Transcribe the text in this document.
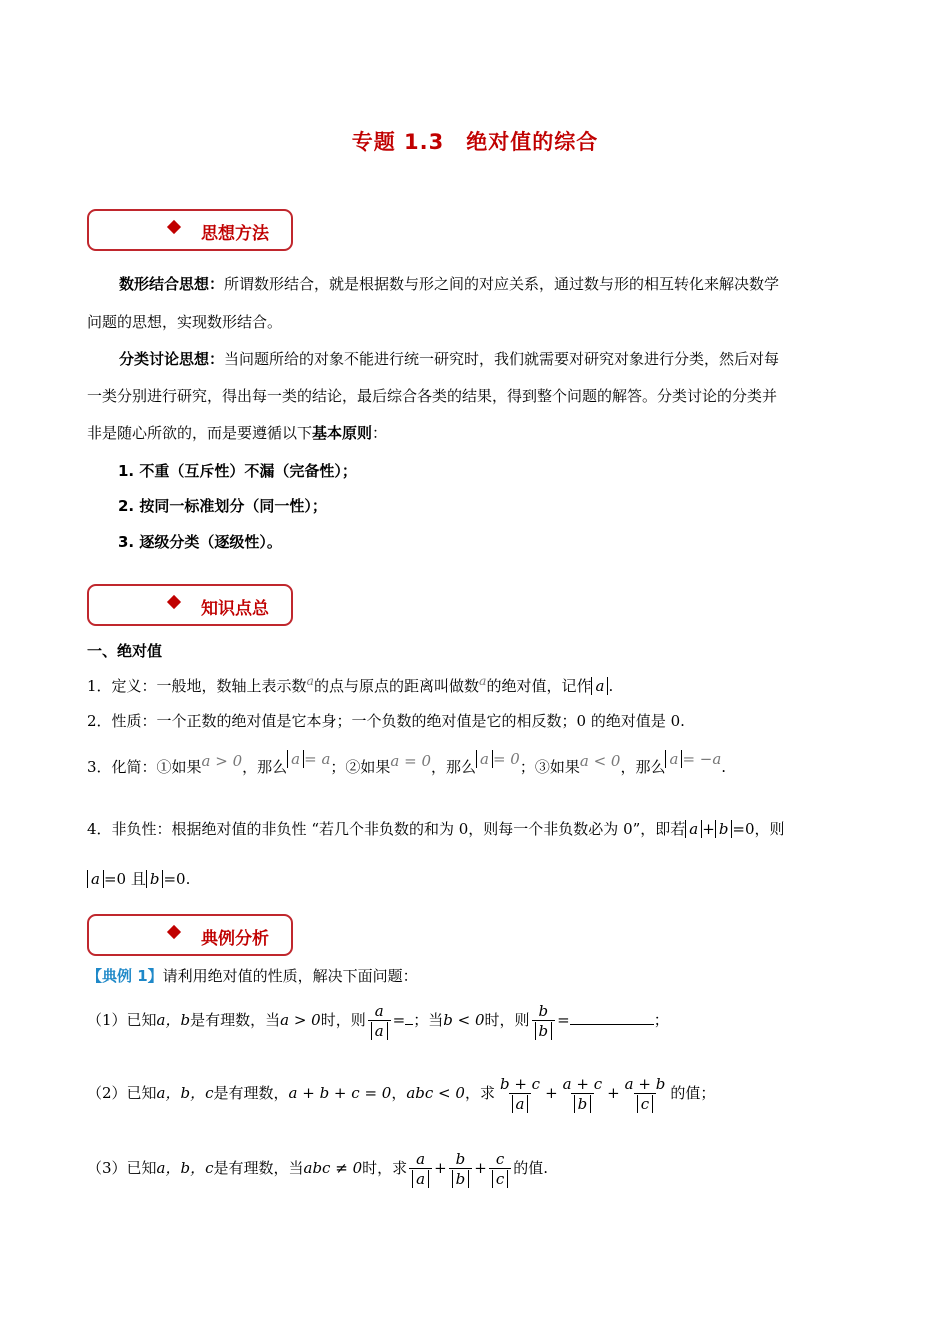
专题 1.3　绝对值的综合
思想方法
数形结合思想：所谓数形结合，就是根据数与形之间的对应关系，通过数与形的相互转化来解决数学
问题的思想，实现数形结合。
分类讨论思想：当问题所给的对象不能进行统一研究时，我们就需要对研究对象进行分类，然后对每
一类分别进行研究，得出每一类的结论，最后综合各类的结果，得到整个问题的解答。分类讨论的分类并
非是随心所欲的，而是要遵循以下基本原则：
1. 不重（互斥性）不漏（完备性）；
2. 按同一标准划分（同一性）；
3. 逐级分类（逐级性）。
知识点总
一、绝对值
1．定义：一般地，数轴上表示数$^a$的点与原点的距离叫做数$^a$的绝对值，记作 a .
2．性质：一个正数的绝对值是它本身；一个负数的绝对值是它的相反数；0 的绝对值是 0.
3．化简：①如果a > 0，那么 a = a；②如果a = 0，那么 a = 0；③如果a < 0，那么 a = −a.
4．非负性：根据绝对值的非负性 “若几个非负数的和为 0，则每一个非负数必为 0”，即若 a + b =0，则
a =0 且 b =0.
典例分析
【典例 1】请利用绝对值的性质，解决下面问题：
（1）已知a，b是有理数，当a > 0时，则 $\frac{a}{a}$ = ；当b < 0时，则 $\frac{b}{b}$ =	；
（2）已知a，b，c是有理数，a + b + c = 0，abc < 0，求 $\frac{b + c}{a} + \frac{a + c}{b} + \frac{a + b}{c}$ 的值；
（3）已知a，b，c是有理数，当abc ≠ 0时，求 $\frac{a}{a} + \frac{b}{b} + \frac{c}{c}$ 的值.
